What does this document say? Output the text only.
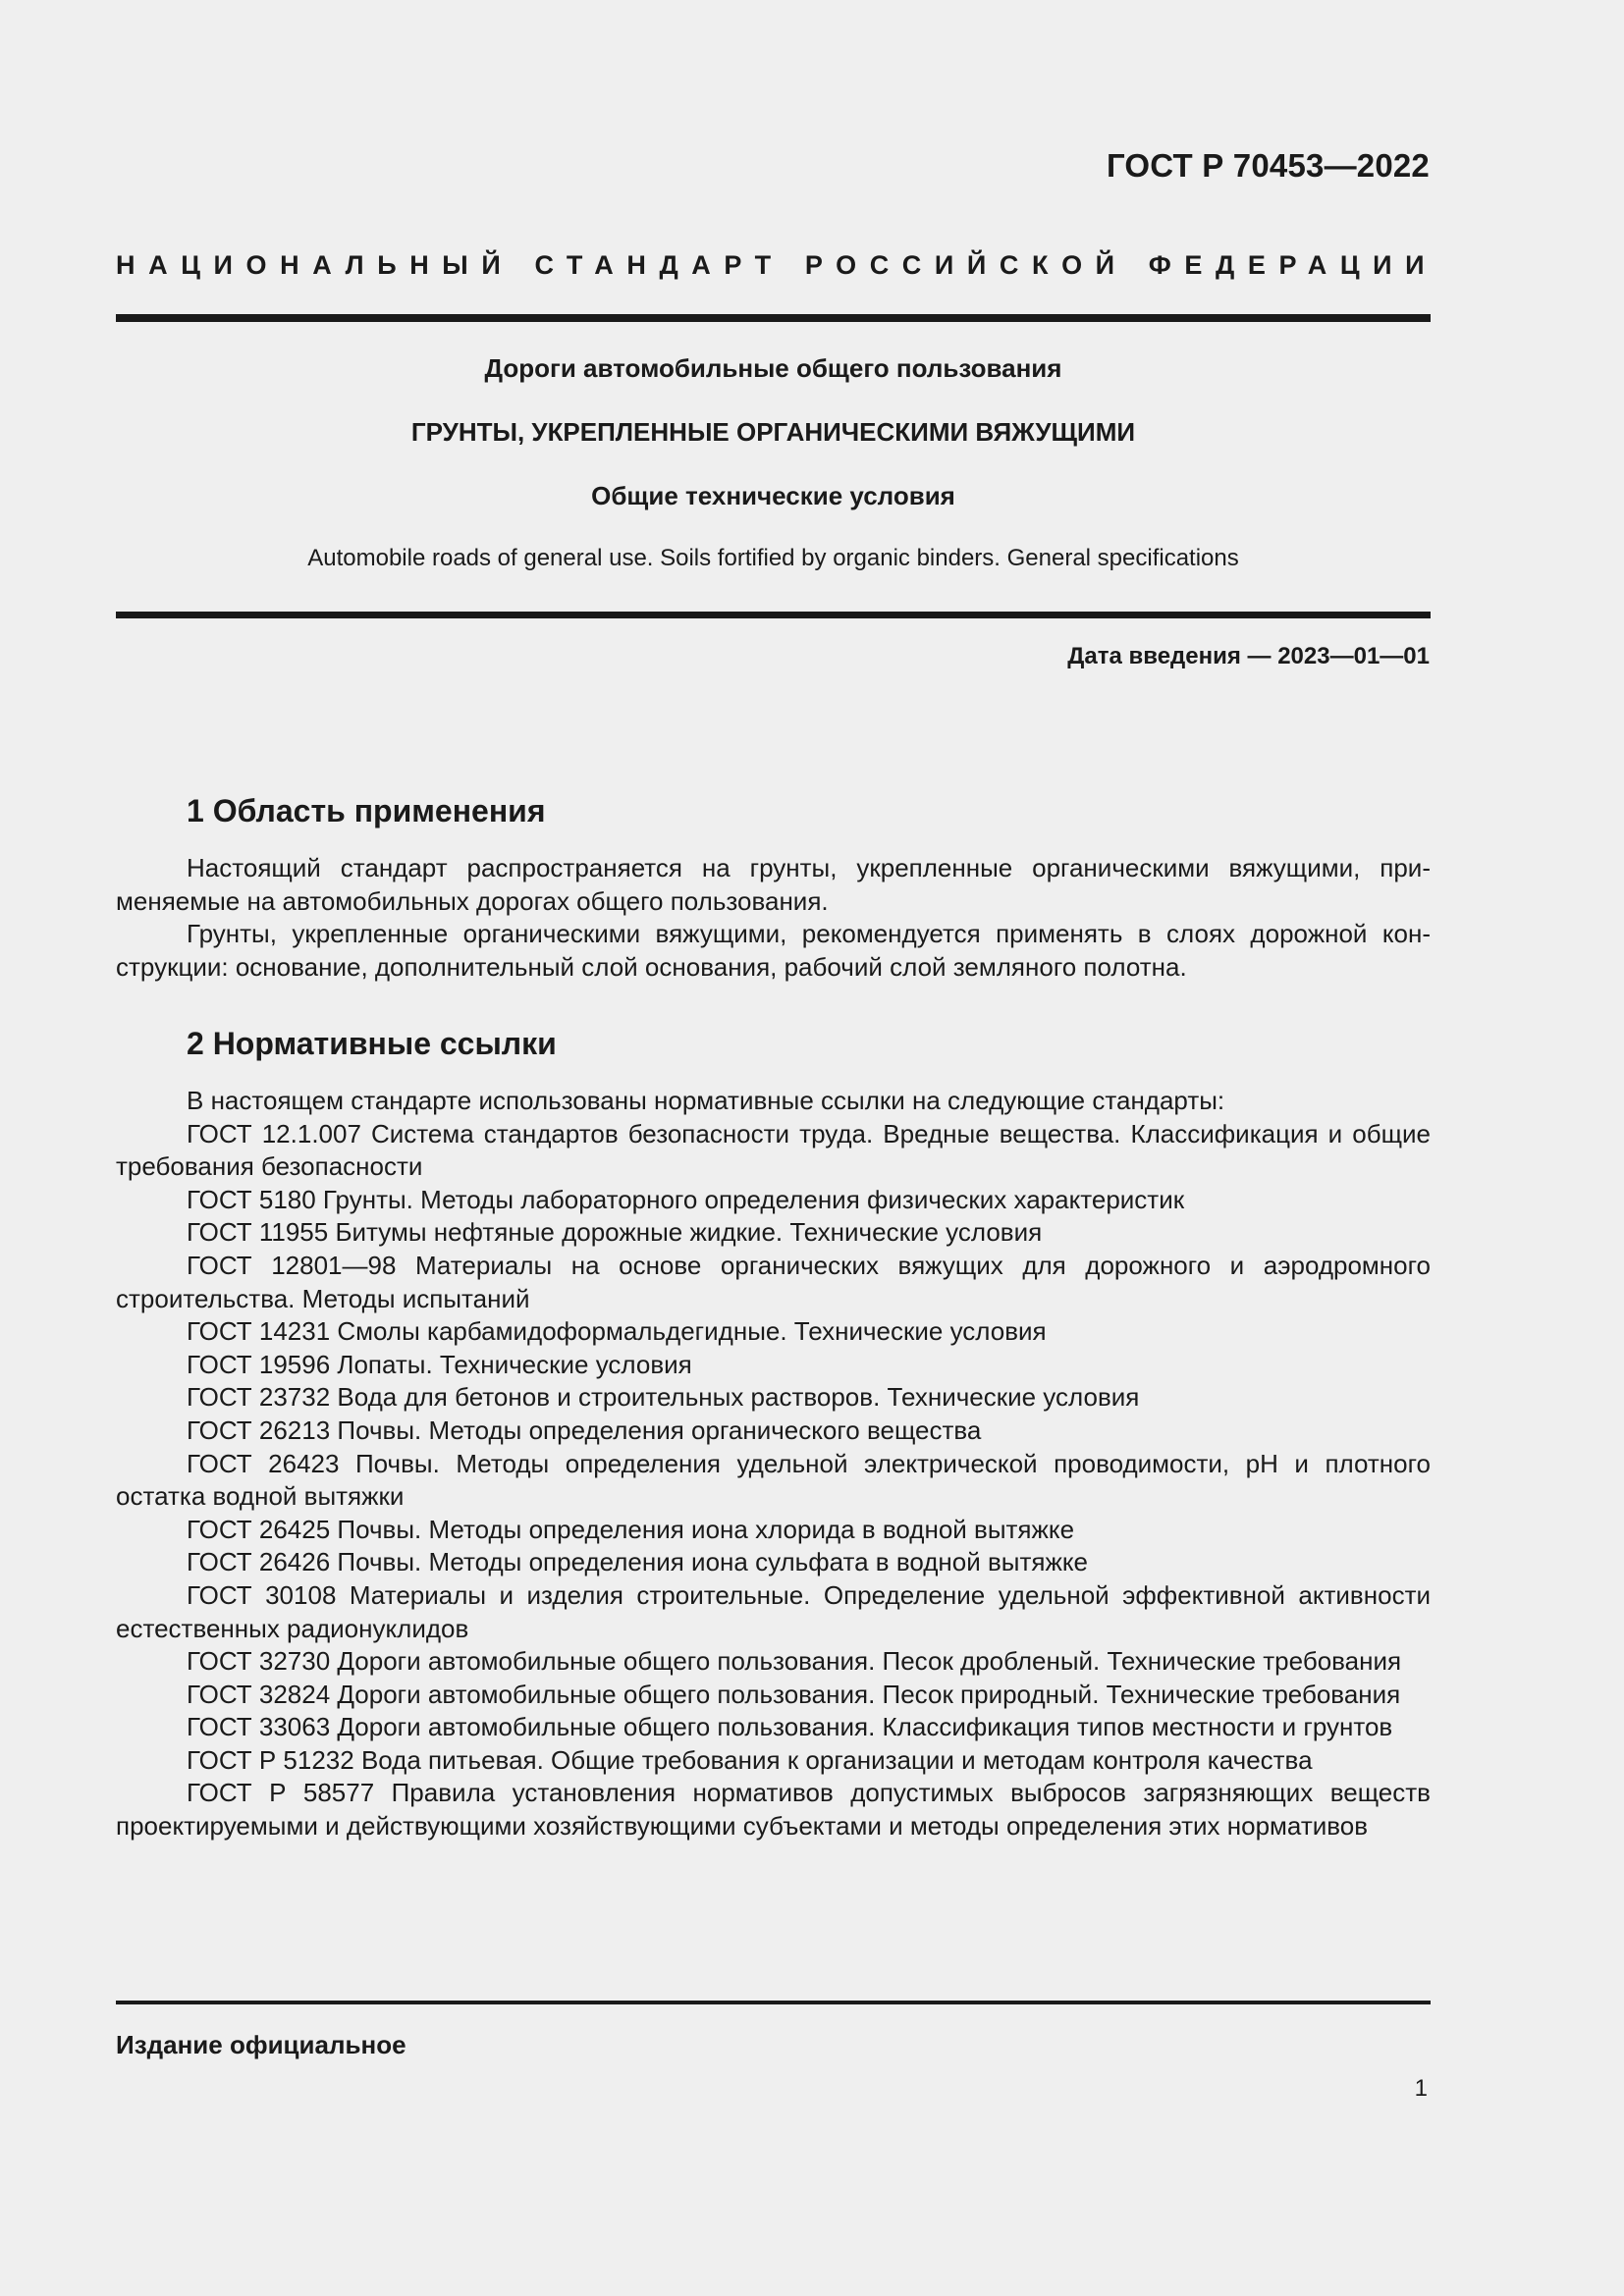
ГОСТ Р 70453—2022
НАЦИОНАЛЬНЫЙ СТАНДАРТ РОССИЙСКОЙ ФЕДЕРАЦИИ
Дороги автомобильные общего пользования
ГРУНТЫ, УКРЕПЛЕННЫЕ ОРГАНИЧЕСКИМИ ВЯЖУЩИМИ
Общие технические условия
Automobile roads of general use. Soils fortified by organic binders. General specifications
Дата введения — 2023—01—01
1 Область применения

Настоящий стандарт распространяется на грунты, укрепленные органическими вяжущими, применяемые на автомобильных дорогах общего пользования.

Грунты, укрепленные органическими вяжущими, рекомендуется применять в слоях дорожной конструкции: основание, дополнительный слой основания, рабочий слой земляного полотна.

2 Нормативные ссылки

В настоящем стандарте использованы нормативные ссылки на следующие стандарты:

ГОСТ 12.1.007 Система стандартов безопасности труда. Вредные вещества. Классификация и общие требования безопасности

ГОСТ 5180 Грунты. Методы лабораторного определения физических характеристик

ГОСТ 11955 Битумы нефтяные дорожные жидкие. Технические условия

ГОСТ 12801—98 Материалы на основе органических вяжущих для дорожного и аэродромного строительства. Методы испытаний

ГОСТ 14231 Смолы карбамидоформальдегидные. Технические условия

ГОСТ 19596 Лопаты. Технические условия

ГОСТ 23732 Вода для бетонов и строительных растворов. Технические условия

ГОСТ 26213 Почвы. Методы определения органического вещества

ГОСТ 26423 Почвы. Методы определения удельной электрической проводимости, pH и плотного остатка водной вытяжки

ГОСТ 26425 Почвы. Методы определения иона хлорида в водной вытяжке

ГОСТ 26426 Почвы. Методы определения иона сульфата в водной вытяжке

ГОСТ 30108 Материалы и изделия строительные. Определение удельной эффективной активности естественных радионуклидов

ГОСТ 32730 Дороги автомобильные общего пользования. Песок дробленый. Технические требования

ГОСТ 32824 Дороги автомобильные общего пользования. Песок природный. Технические требования

ГОСТ 33063 Дороги автомобильные общего пользования. Классификация типов местности и грунтов

ГОСТ Р 51232 Вода питьевая. Общие требования к организации и методам контроля качества

ГОСТ Р 58577 Правила установления нормативов допустимых выбросов загрязняющих веществ проектируемыми и действующими хозяйствующими субъектами и методы определения этих нормативов

Издание официальное
1
